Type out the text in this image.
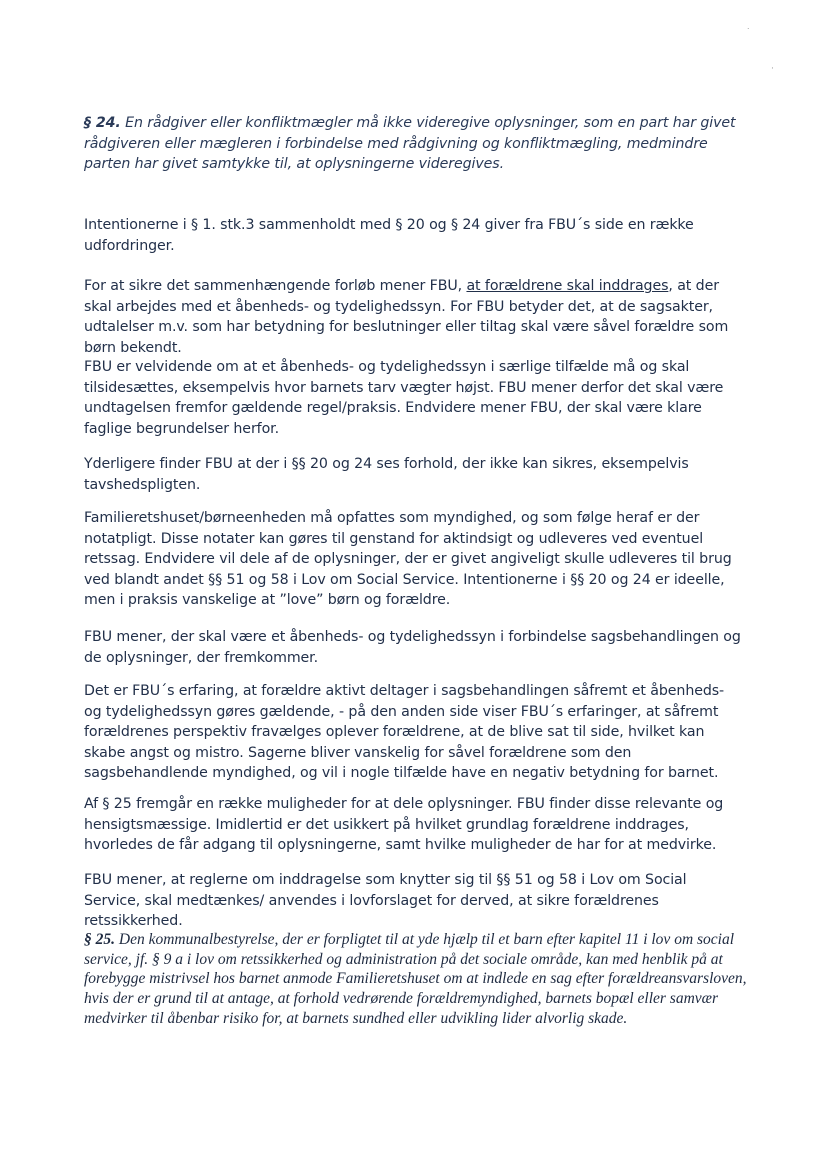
§ 24. En rådgiver eller konfliktmægler må ikke videregive oplysninger, som en part har givet rådgiveren eller mægleren i forbindelse med rådgivning og konfliktmægling, medmindre parten har givet samtykke til, at oplysningerne videregives.

Intentionerne i § 1. stk.3 sammenholdt med § 20 og § 24 giver fra FBU´s side en række udfordringer.

For at sikre det sammenhængende forløb mener FBU, at forældrene skal inddrages, at der skal arbejdes med et åbenheds- og tydelighedssyn. For FBU betyder det, at de sagsakter, udtalelser m.v. som har betydning for beslutninger eller tiltag skal være såvel forældre som børn bekendt.

FBU er velvidende om at et åbenheds- og tydelighedssyn i særlige tilfælde må og skal tilsidesættes, eksempelvis hvor barnets tarv vægter højst. FBU mener derfor det skal være undtagelsen fremfor gældende regel/praksis. Endvidere mener FBU, der skal være klare faglige begrundelser herfor.

Yderligere finder FBU at der i §§ 20 og 24 ses forhold, der ikke kan sikres, eksempelvis tavshedspligten.

Familieretshuset/børneenheden må opfattes som myndighed, og som følge heraf er der notatpligt. Disse notater kan gøres til genstand for aktindsigt og udleveres ved eventuel retssag. Endvidere vil dele af de oplysninger, der er givet angiveligt skulle udleveres til brug ved blandt andet §§ 51 og 58 i Lov om Social Service. Intentionerne i §§ 20 og 24 er ideelle, men i praksis vanskelige at ”love” børn og forældre.

FBU mener, der skal være et åbenheds- og tydelighedssyn i forbindelse sagsbehandlingen og de oplysninger, der fremkommer.

Det er FBU´s erfaring, at forældre aktivt deltager i sagsbehandlingen såfremt et åbenheds- og tydelighedssyn gøres gældende, - på den anden side viser FBU´s erfaringer, at såfremt forældrenes perspektiv fravælges oplever forældrene, at de blive sat til side, hvilket kan skabe angst og mistro. Sagerne bliver vanskelig for såvel forældrene som den sagsbehandlende myndighed, og vil i nogle tilfælde have en negativ betydning for barnet.

Af § 25 fremgår en række muligheder for at dele oplysninger. FBU finder disse relevante og hensigtsmæssige. Imidlertid er det usikkert på hvilket grundlag forældrene inddrages, hvorledes de får adgang til oplysningerne, samt hvilke muligheder de har for at medvirke.

FBU mener, at reglerne om inddragelse som knytter sig til §§ 51 og 58 i Lov om Social Service, skal medtænkes/ anvendes i lovforslaget for derved, at sikre forældrenes retssikkerhed.

§ 25. Den kommunalbestyrelse, der er forpligtet til at yde hjælp til et barn efter kapitel 11 i lov om social service, jf. § 9 a i lov om retssikkerhed og administration på det sociale område, kan med henblik på at forebygge mistrivsel hos barnet anmode Familieretshuset om at indlede en sag efter forældreansvarsloven, hvis der er grund til at antage, at forhold vedrørende forældremyndighed, barnets bopæl eller samvær medvirker til åbenbar risiko for, at barnets sundhed eller udvikling lider alvorlig skade.

˙
·
